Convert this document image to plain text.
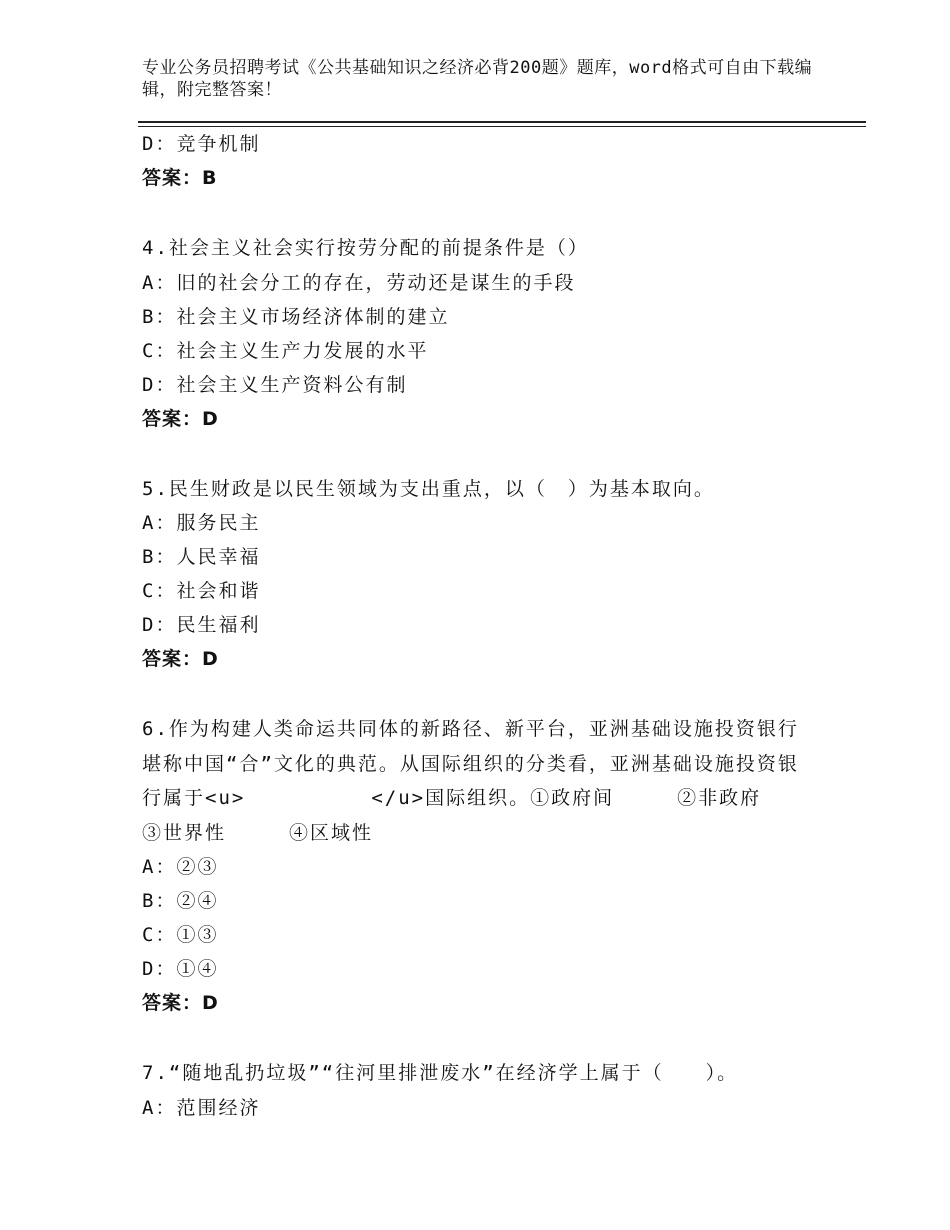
专业公务员招聘考试《公共基础知识之经济必背200题》题库，word格式可自由下载编辑，附完整答案！
D：竞争机制
答案：B
4.社会主义社会实行按劳分配的前提条件是（）
A：旧的社会分工的存在，劳动还是谋生的手段
B：社会主义市场经济体制的建立
C：社会主义生产力发展的水平
D：社会主义生产资料公有制
答案：D
5.民生财政是以民生领域为支出重点，以（　）为基本取向。
A：服务民主
B：人民幸福
C：社会和谐
D：民生福利
答案：D
6.作为构建人类命运共同体的新路径、新平台，亚洲基础设施投资银行堪称中国“合”文化的典范。从国际组织的分类看，亚洲基础设施投资银行属于<u>　　　　　　</u>国际组织。①政府间　　　②非政府　③世界性　　　④区域性
A：②③
B：②④
C：①③
D：①④
答案：D
7.“随地乱扔垃圾”“往河里排泄废水”在经济学上属于（　　）。
A：范围经济
